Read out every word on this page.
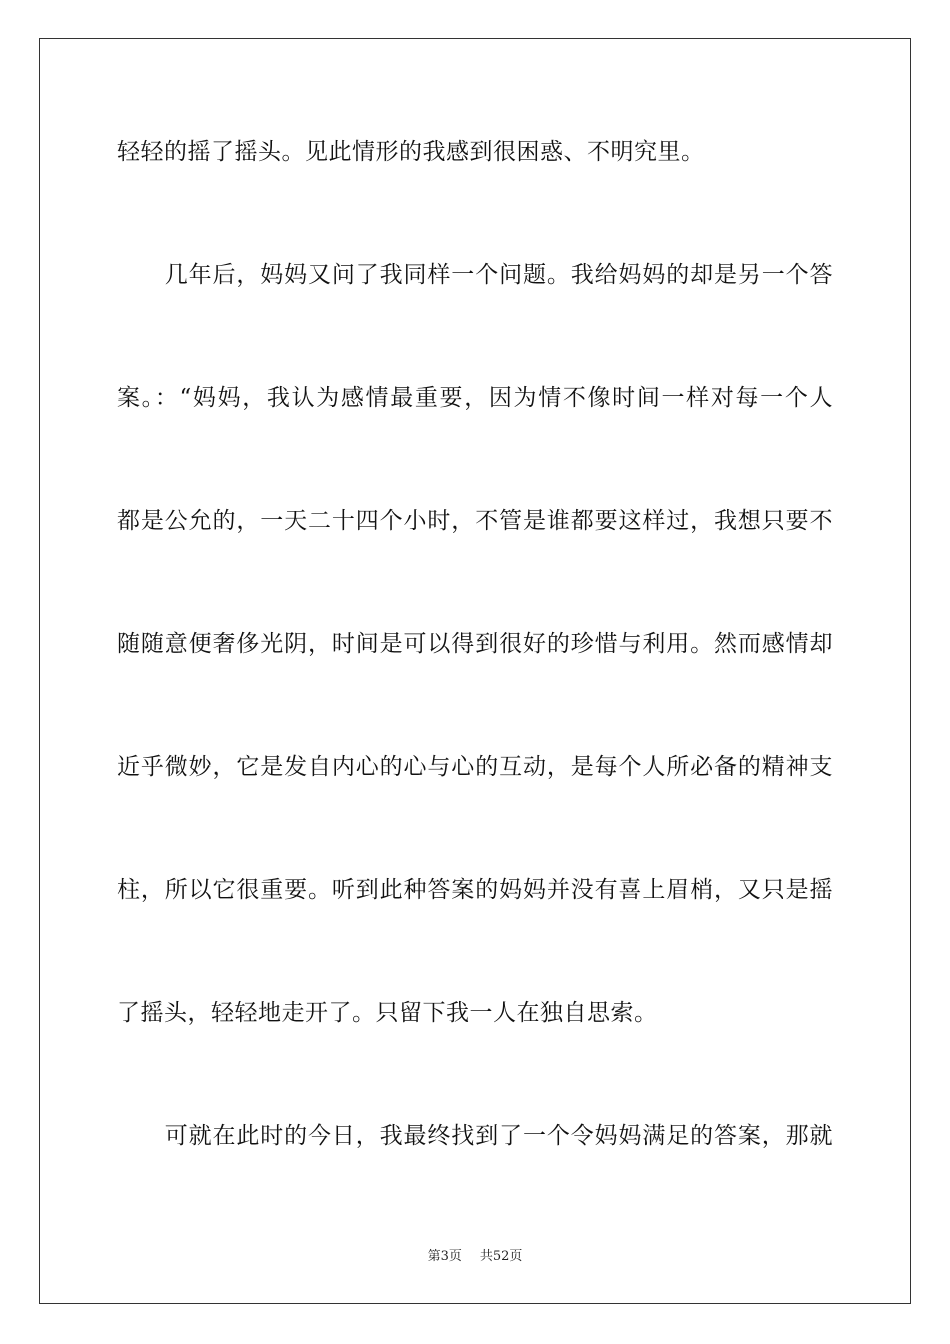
轻轻的摇了摇头。见此情形的我感到很困惑、不明究里。
　　几年后，妈妈又问了我同样一个问题。我给妈妈的却是另一个答
案。：“妈妈，我认为感情最重要，因为情不像时间一样对每一个人
都是公允的，一天二十四个小时，不管是谁都要这样过，我想只要不
随随意便奢侈光阴，时间是可以得到很好的珍惜与利用。然而感情却
近乎微妙，它是发自内心的心与心的互动，是每个人所必备的精神支
柱，所以它很重要。听到此种答案的妈妈并没有喜上眉梢，又只是摇
了摇头，轻轻地走开了。只留下我一人在独自思索。
　　可就在此时的今日，我最终找到了一个令妈妈满足的答案，那就
第3页 共52页
